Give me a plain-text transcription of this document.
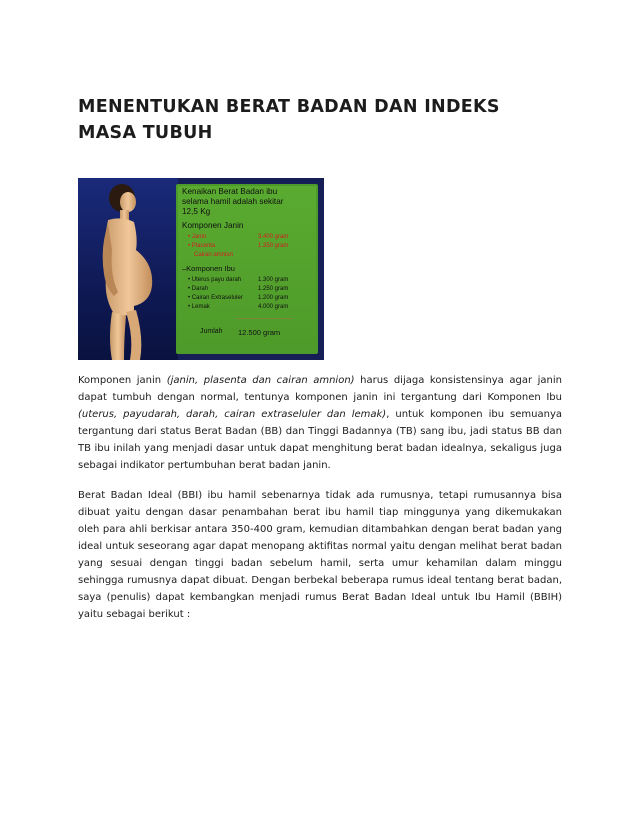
MENENTUKAN BERAT BADAN DAN INDEKS MASA TUBUH
Kenaikan Berat Badan ibu
selama hamil adalah sekitar
12,5 Kg
Komponen Janin
• Janin	3.400 gram
• Placenta	1.350 gram
Cairan amnion
–Komponen Ibu
• Uterus payu darah	1.300 gram
• Darah	1.250 gram
• Cairan Extraseluler	1.200 gram
• Lemak	4.000 gram
-------------------------------
Jumlah 12.500 gram

Komponen janin (janin, plasenta dan cairan amnion) harus dijaga konsistensinya agar janin dapat tumbuh dengan normal, tentunya komponen janin ini tergantung dari Komponen Ibu (uterus, payudarah, darah, cairan extraseluler dan lemak), untuk komponen ibu semuanya tergantung dari status Berat Badan (BB) dan Tinggi Badannya (TB) sang ibu, jadi status BB dan TB ibu inilah yang menjadi dasar untuk dapat menghitung berat badan idealnya, sekaligus juga sebagai indikator pertumbuhan berat badan janin.

Berat Badan Ideal (BBI) ibu hamil sebenarnya tidak ada rumusnya, tetapi rumusannya bisa dibuat yaitu dengan dasar penambahan berat ibu hamil tiap minggunya yang dikemukakan oleh para ahli berkisar antara 350-400 gram, kemudian ditambahkan dengan berat badan yang ideal untuk seseorang agar dapat menopang aktifitas normal yaitu dengan melihat berat badan yang sesuai dengan tinggi badan sebelum hamil, serta umur kehamilan dalam minggu sehingga rumusnya dapat dibuat. Dengan berbekal beberapa rumus ideal tentang berat badan, saya (penulis) dapat kembangkan menjadi rumus Berat Badan Ideal untuk Ibu Hamil (BBIH) yaitu sebagai berikut :
